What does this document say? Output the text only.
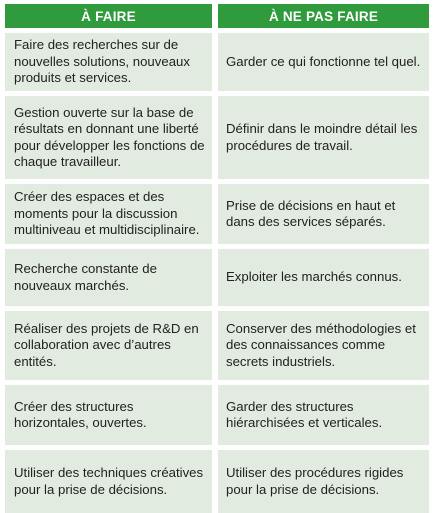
À FAIRE	À NE PAS FAIRE
Faire des recherches sur de nouvelles solutions, nouveaux produits et services.
Garder ce qui fonctionne tel quel.
Gestion ouverte sur la base de résultats en donnant une liberté pour développer les fonctions de chaque travailleur.
Définir dans le moindre détail les procédures de travail.
Créer des espaces et des moments pour la discussion multiniveau et multidisciplinaire.
Prise de décisions en haut et dans des services séparés.
Recherche constante de nouveaux marchés.
Exploiter les marchés connus.
Réaliser des projets de R&D en collaboration avec d’autres entités.
Conserver des méthodologies et des connaissances comme secrets industriels.
Créer des structures horizontales, ouvertes.
Garder des structures hiérarchisées et verticales.
Utiliser des techniques créatives pour la prise de décisions.
Utiliser des procédures rigides pour la prise de décisions.
